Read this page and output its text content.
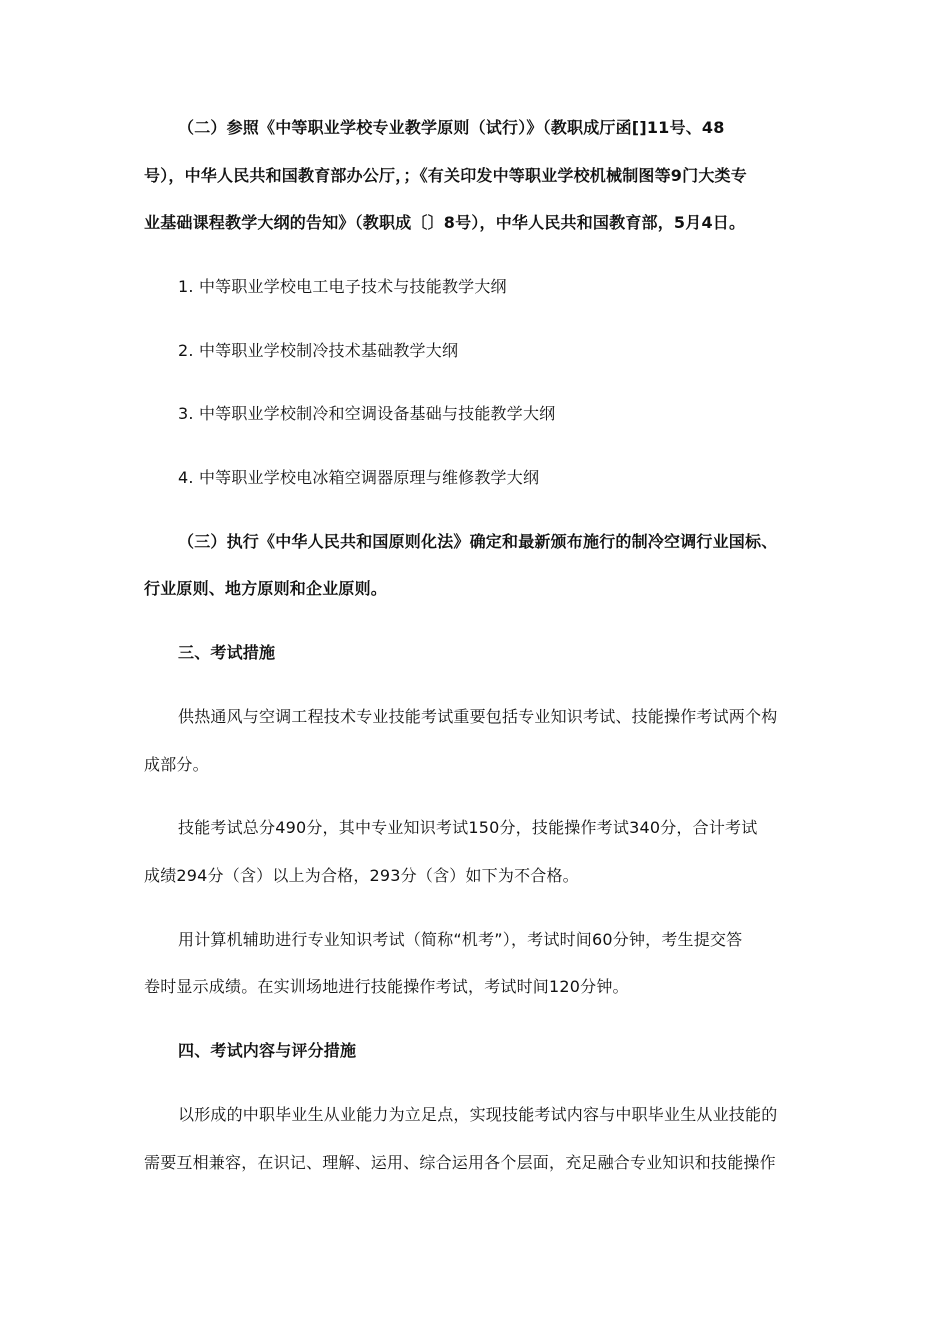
（二）参照《中等职业学校专业教学原则（试行）》（教职成厅函[]11号、48
号），中华人民共和国教育部办公厅，；《有关印发中等职业学校机械制图等9门大类专
业基础课程教学大纲的告知》（教职成〔〕8号），中华人民共和国教育部，5月4日。
1. 中等职业学校电工电子技术与技能教学大纲
2. 中等职业学校制冷技术基础教学大纲
3. 中等职业学校制冷和空调设备基础与技能教学大纲
4. 中等职业学校电冰箱空调器原理与维修教学大纲
（三）执行《中华人民共和国原则化法》确定和最新颁布施行的制冷空调行业国标、
行业原则、地方原则和企业原则。
三、考试措施
供热通风与空调工程技术专业技能考试重要包括专业知识考试、技能操作考试两个构
成部分。
技能考试总分490分，其中专业知识考试150分，技能操作考试340分，合计考试
成绩294分（含）以上为合格，293分（含）如下为不合格。
用计算机辅助进行专业知识考试（简称“机考”），考试时间60分钟，考生提交答
卷时显示成绩。在实训场地进行技能操作考试，考试时间120分钟。
四、考试内容与评分措施
以形成的中职毕业生从业能力为立足点，实现技能考试内容与中职毕业生从业技能的
需要互相兼容，在识记、理解、运用、综合运用各个层面，充足融合专业知识和技能操作
